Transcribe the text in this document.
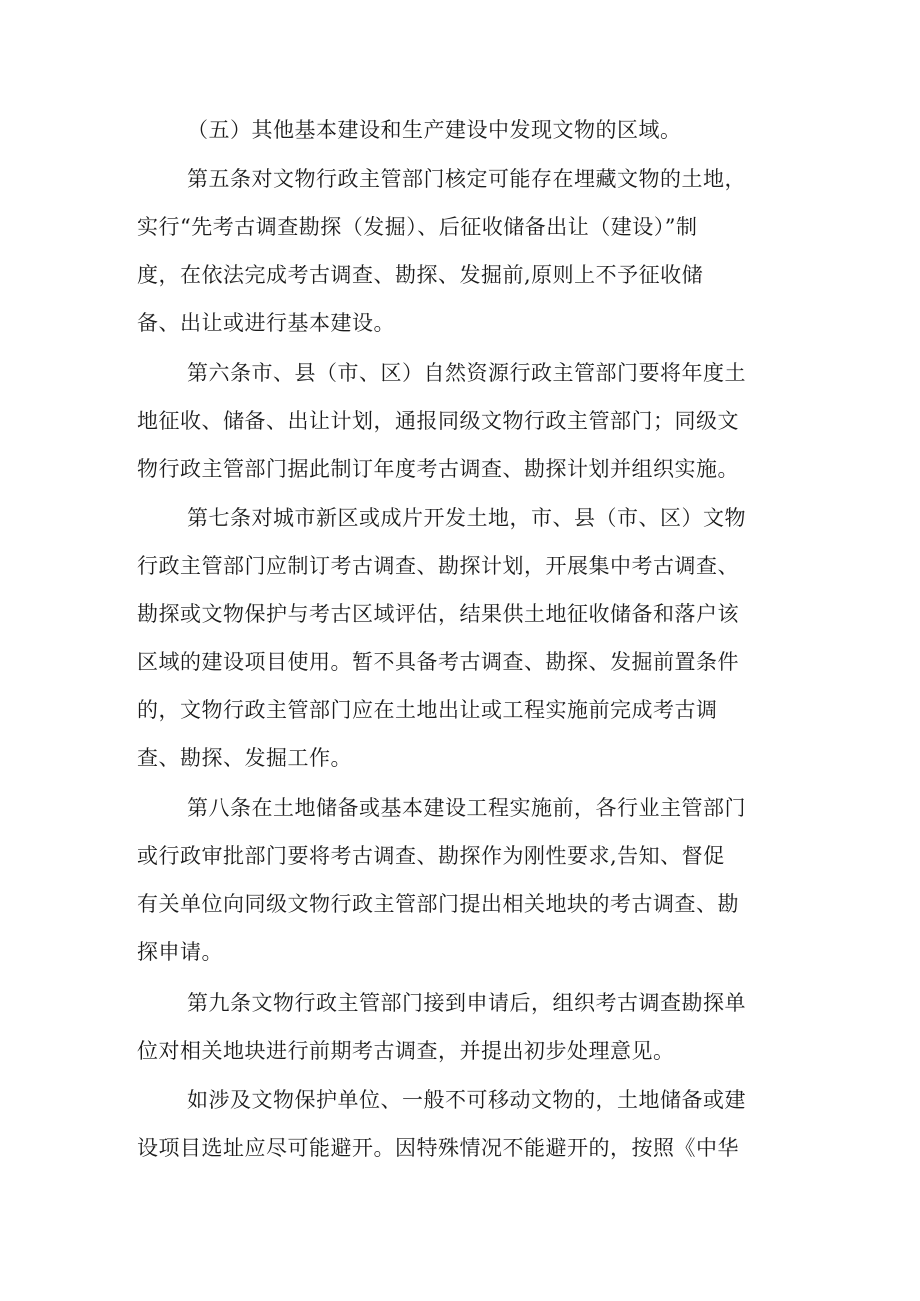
（五）其他基本建设和生产建设中发现文物的区域。
第五条对文物行政主管部门核定可能存在埋藏文物的土地，
实行“先考古调查勘探（发掘）、后征收储备出让（建设）”制
度，在依法完成考古调查、勘探、发掘前,原则上不予征收储
备、出让或进行基本建设。
第六条市、县（市、区）自然资源行政主管部门要将年度土
地征收、储备、出让计划，通报同级文物行政主管部门；同级文
物行政主管部门据此制订年度考古调查、勘探计划并组织实施。
第七条对城市新区或成片开发土地，市、县（市、区）文物
行政主管部门应制订考古调查、勘探计划，开展集中考古调查、
勘探或文物保护与考古区域评估，结果供土地征收储备和落户该
区域的建设项目使用。暂不具备考古调查、勘探、发掘前置条件
的，文物行政主管部门应在土地出让或工程实施前完成考古调
查、勘探、发掘工作。
第八条在土地储备或基本建设工程实施前，各行业主管部门
或行政审批部门要将考古调查、勘探作为刚性要求,告知、督促
有关单位向同级文物行政主管部门提出相关地块的考古调查、勘
探申请。
第九条文物行政主管部门接到申请后，组织考古调查勘探单
位对相关地块进行前期考古调查，并提出初步处理意见。
如涉及文物保护单位、一般不可移动文物的，土地储备或建
设项目选址应尽可能避开。因特殊情况不能避开的，按照《中华
